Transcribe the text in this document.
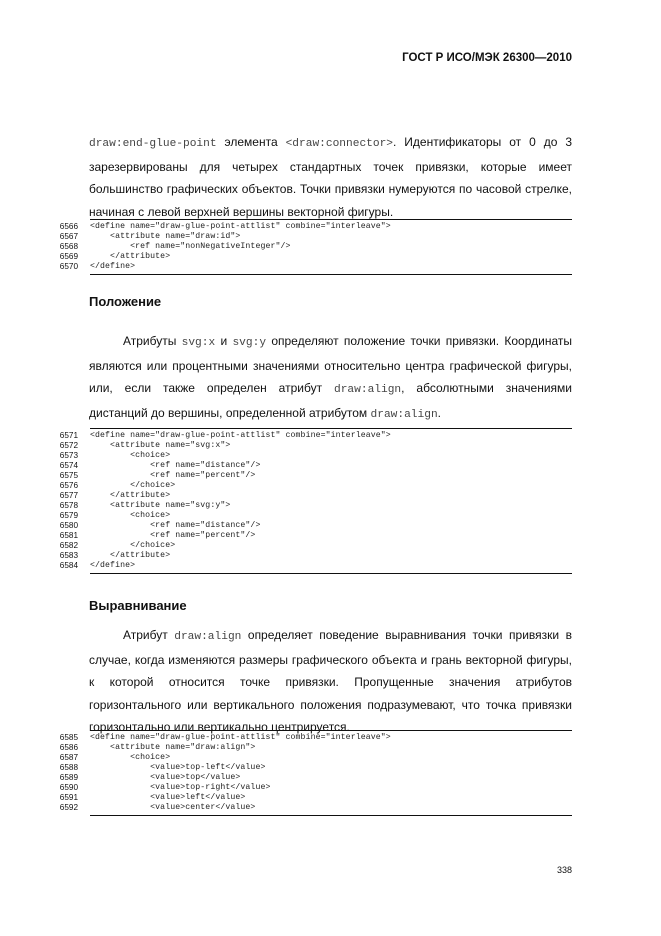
ГОСТ Р ИСО/МЭК 26300—2010

draw:end-glue-point элемента <draw:connector>. Идентификаторы от 0 до 3 зарезервированы для четырех стандартных точек привязки, которые имеет большинство графических объектов. Точки привязки нумеруются по часовой стрелке, начиная с левой верхней вершины векторной фигуры.

6566 <define name="draw-glue-point-attlist" combine="interleave">
6567 <attribute name="draw:id">
6568 <ref name="nonNegativeInteger"/>
6569 </attribute>
6570 </define>
Положение

Атрибуты svg:x и svg:y определяют положение точки привязки. Координаты являются или процентными значениями относительно центра графической фигуры, или, если также определен атрибут draw:align, абсолютными значениями дистанций до вершины, определенной атрибутом draw:align.

6571 <define name="draw-glue-point-attlist" combine="interleave">
6572 <attribute name="svg:x">
6573 <choice>
6574 <ref name="distance"/>
6575 <ref name="percent"/>
6576 </choice>
6577 </attribute>
6578 <attribute name="svg:y">
6579 <choice>
6580 <ref name="distance"/>
6581 <ref name="percent"/>
6582 </choice>
6583 </attribute>
6584 </define>
Выравнивание

Атрибут draw:align определяет поведение выравнивания точки привязки в случае, когда изменяются размеры графического объекта и грань векторной фигуры, к которой относится точке привязки. Пропущенные значения атрибутов горизонтального или вертикального положения подразумевают, что точка привязки горизонтально или вертикально центрируется.

6585 <define name="draw-glue-point-attlist" combine="interleave">
6586 <attribute name="draw:align">
6587 <choice>
6588 <value>top-left</value>
6589 <value>top</value>
6590 <value>top-right</value>
6591 <value>left</value>
6592 <value>center</value>
338
